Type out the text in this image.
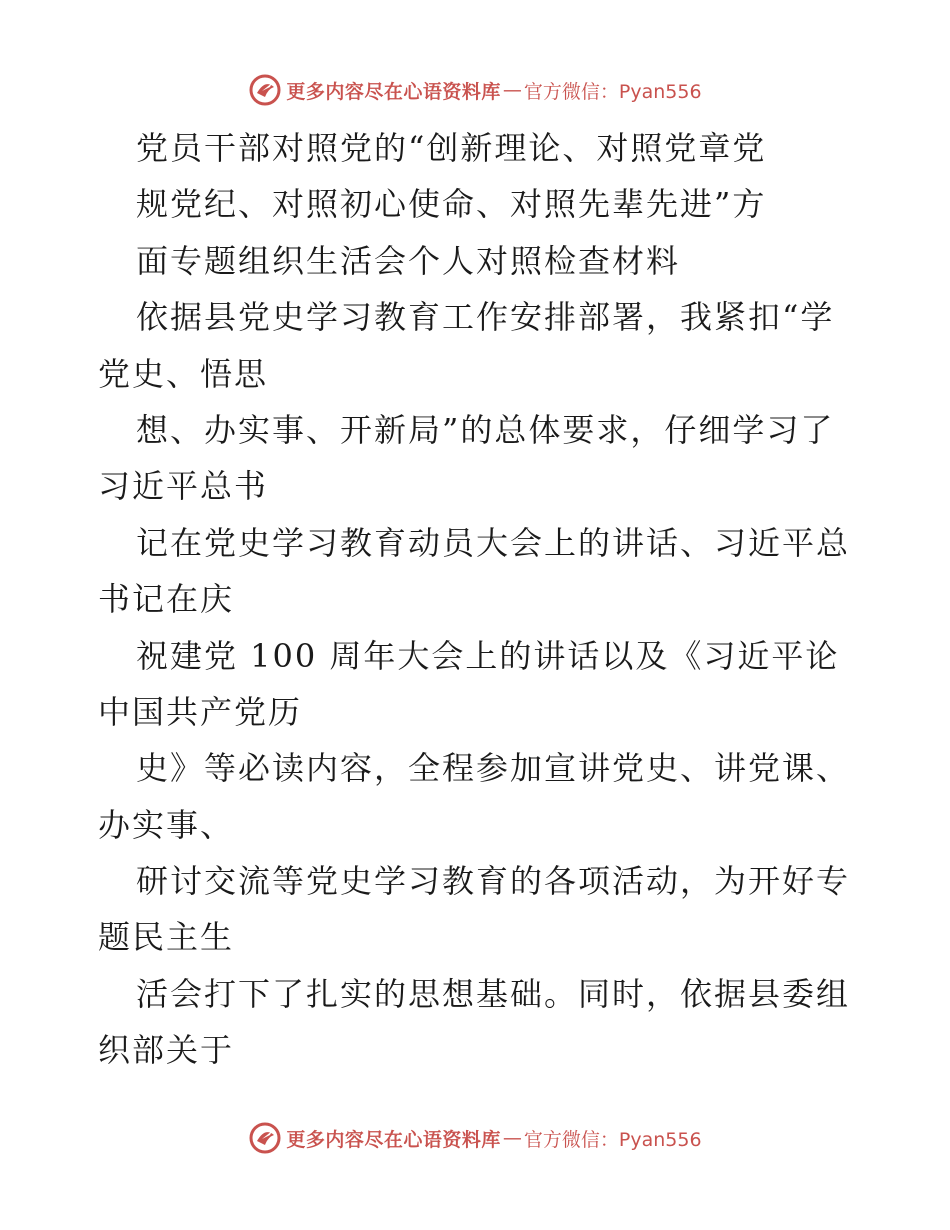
更多内容尽在心语资料库 — 官方微信：Pyan556
党员干部对照党的“创新理论、对照党章党
规党纪、对照初心使命、对照先辈先进”方
面专题组织生活会个人对照检查材料
依据县党史学习教育工作安排部署，我紧扣“学
党史、悟思
想、办实事、开新局”的总体要求，仔细学习了
习近平总书
记在党史学习教育动员大会上的讲话、习近平总
书记在庆
祝建党 100 周年大会上的讲话以及《习近平论
中国共产党历
史》等必读内容，全程参加宣讲党史、讲党课、
办实事、
研讨交流等党史学习教育的各项活动，为开好专
题民主生
活会打下了扎实的思想基础。同时，依据县委组
织部关于
更多内容尽在心语资料库 — 官方微信：Pyan556
